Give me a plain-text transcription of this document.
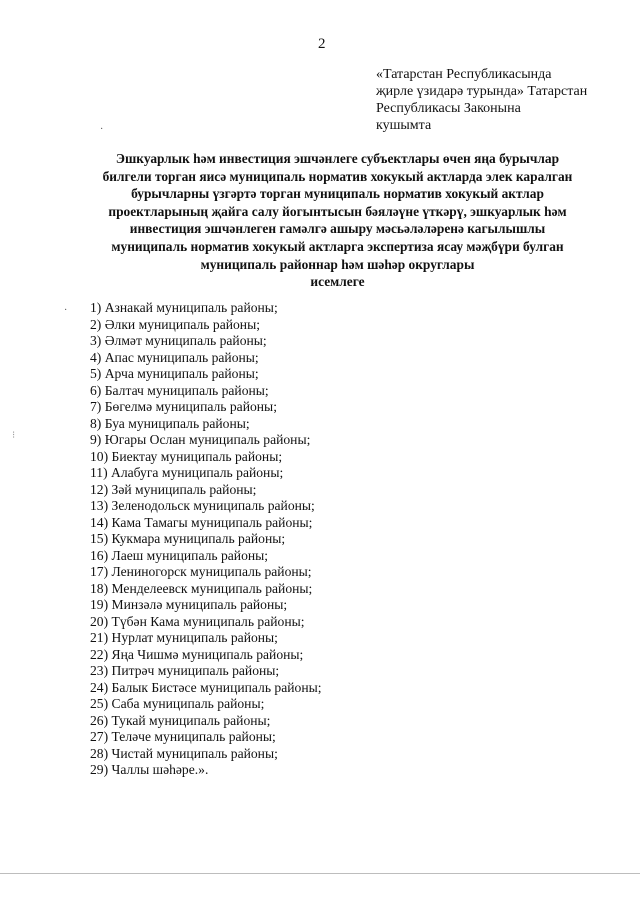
2
«Татарстан Республикасында
җирле үзидарә турында» Татарстан
Республикасы Законына
кушымта
·
Эшкуарлык һәм инвестиция эшчәнлеге субъектлары өчен яңа бурычлар
билгели торган яисә муниципаль норматив хокукый актларда элек каралган
бурычларны үзгәртә торган муниципаль норматив хокукый актлар
проектларының җайга салу йогынтысын бәяләүне үткәрү, эшкуарлык һәм
инвестиция эшчәнлеген гамәлгә ашыру мәсьәләләренә кагылышлы
муниципаль норматив хокукый актларга экспертиза ясау мәҗбүри булган
муниципаль районнар һәм шәһәр округлары
исемлеге
·
⁝
1) Азнакай муниципаль районы;
2) Әлки муниципаль районы;
3) Әлмәт муниципаль районы;
4) Апас муниципаль районы;
5) Арча муниципаль районы;
6) Балтач муниципаль районы;
7) Бөгелмә муниципаль районы;
8) Буа муниципаль районы;
9) Югары Ослан муниципаль районы;
10) Биектау муниципаль районы;
11) Алабуга муниципаль районы;
12) Зәй муниципаль районы;
13) Зеленодольск муниципаль районы;
14) Кама Тамагы муниципаль районы;
15) Кукмара муниципаль районы;
16) Лаеш муниципаль районы;
17) Лениногорск муниципаль районы;
18) Менделеевск муниципаль районы;
19) Минзәлә муниципаль районы;
20) Түбән Кама муниципаль районы;
21) Нурлат муниципаль районы;
22) Яңа Чишмә муниципаль районы;
23) Питрәч муниципаль районы;
24) Балык Бистәсе муниципаль районы;
25) Саба муниципаль районы;
26) Тукай муниципаль районы;
27) Теләче муниципаль районы;
28) Чистай муниципаль районы;
29) Чаллы шәһәре.».
